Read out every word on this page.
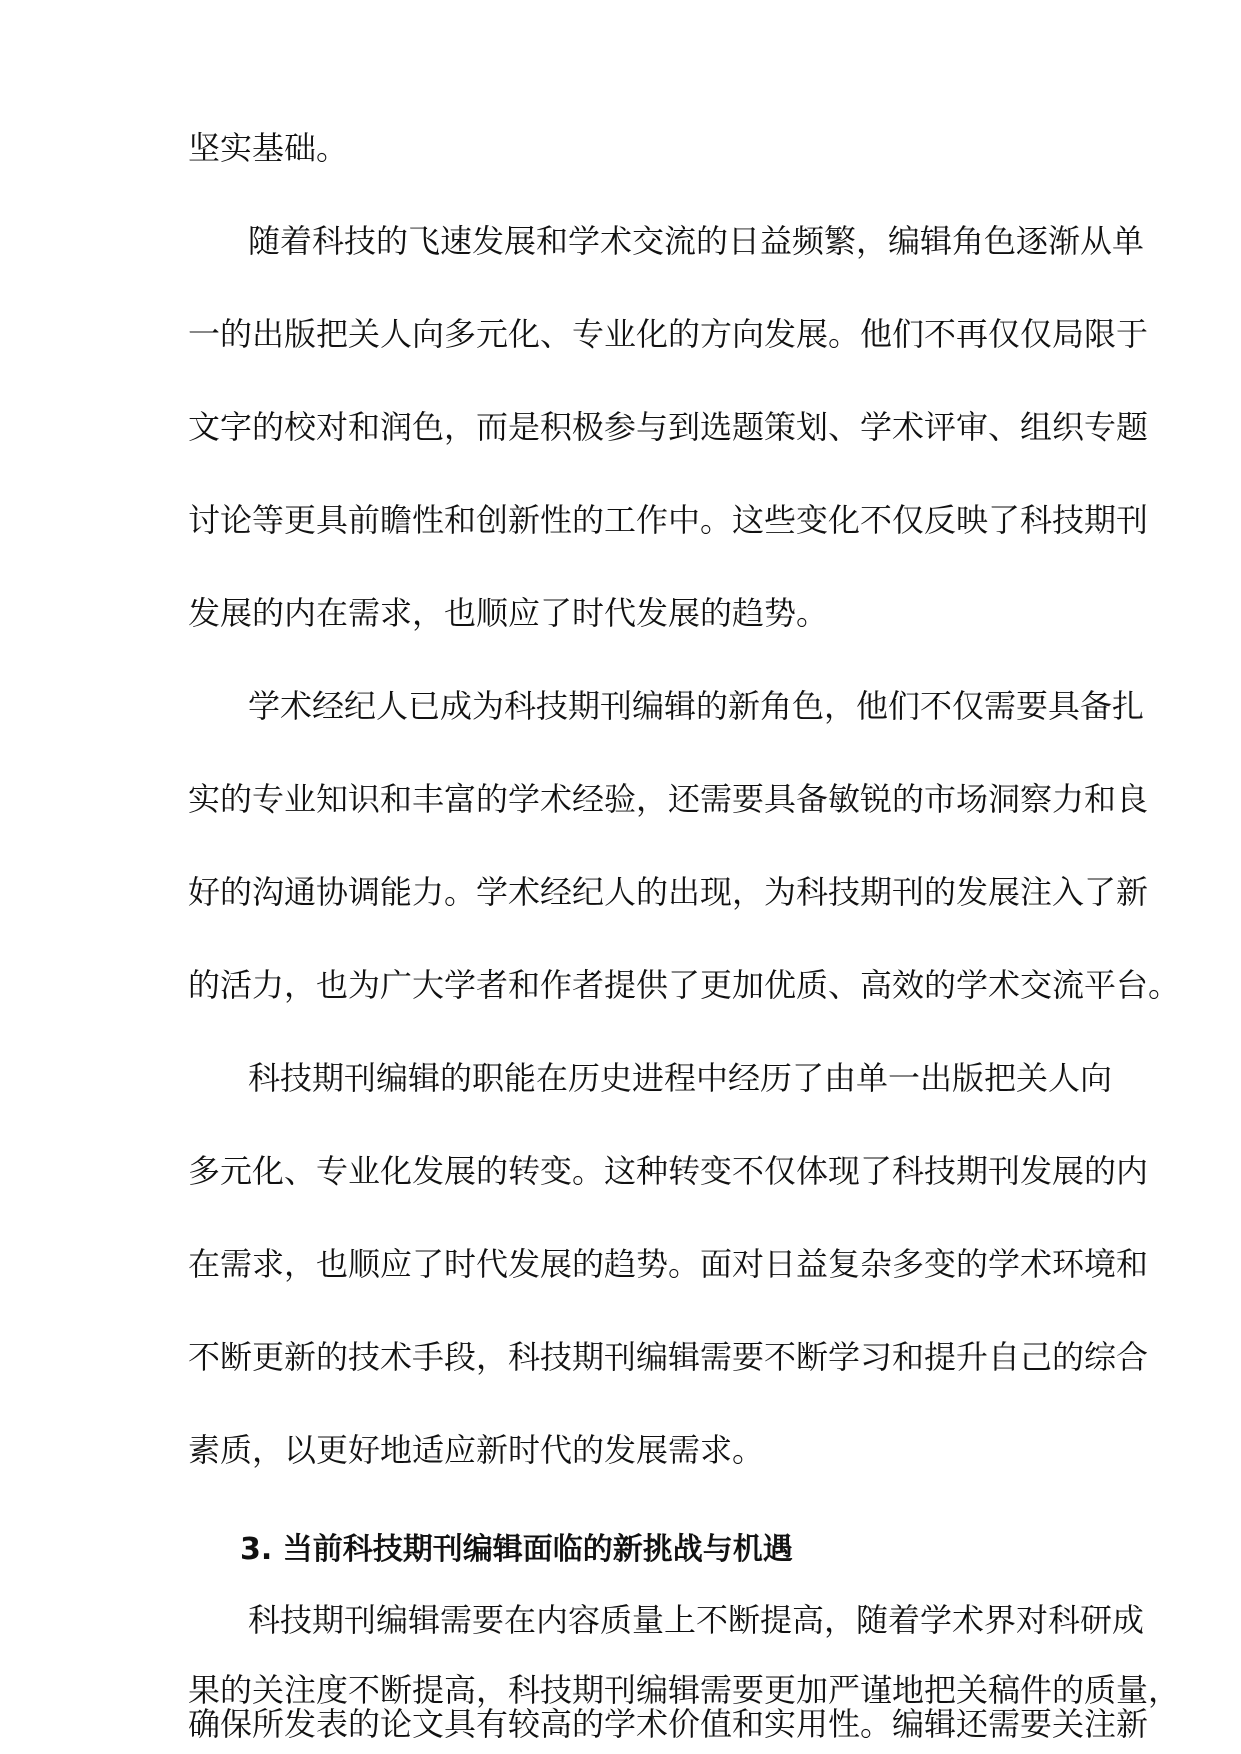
坚实基础。
随着科技的飞速发展和学术交流的日益频繁，编辑角色逐渐从单
一的出版把关人向多元化、专业化的方向发展。他们不再仅仅局限于
文字的校对和润色，而是积极参与到选题策划、学术评审、组织专题
讨论等更具前瞻性和创新性的工作中。这些变化不仅反映了科技期刊
发展的内在需求，也顺应了时代发展的趋势。
学术经纪人已成为科技期刊编辑的新角色，他们不仅需要具备扎
实的专业知识和丰富的学术经验，还需要具备敏锐的市场洞察力和良
好的沟通协调能力。学术经纪人的出现，为科技期刊的发展注入了新
的活力，也为广大学者和作者提供了更加优质、高效的学术交流平台。
科技期刊编辑的职能在历史进程中经历了由单一出版把关人向
多元化、专业化发展的转变。这种转变不仅体现了科技期刊发展的内
在需求，也顺应了时代发展的趋势。面对日益复杂多变的学术环境和
不断更新的技术手段，科技期刊编辑需要不断学习和提升自己的综合
素质，以更好地适应新时代的发展需求。
3. 当前科技期刊编辑面临的新挑战与机遇
科技期刊编辑需要在内容质量上不断提高，随着学术界对科研成
果的关注度不断提高，科技期刊编辑需要更加严谨地把关稿件的质量，
确保所发表的论文具有较高的学术价值和实用性。编辑还需要关注新
